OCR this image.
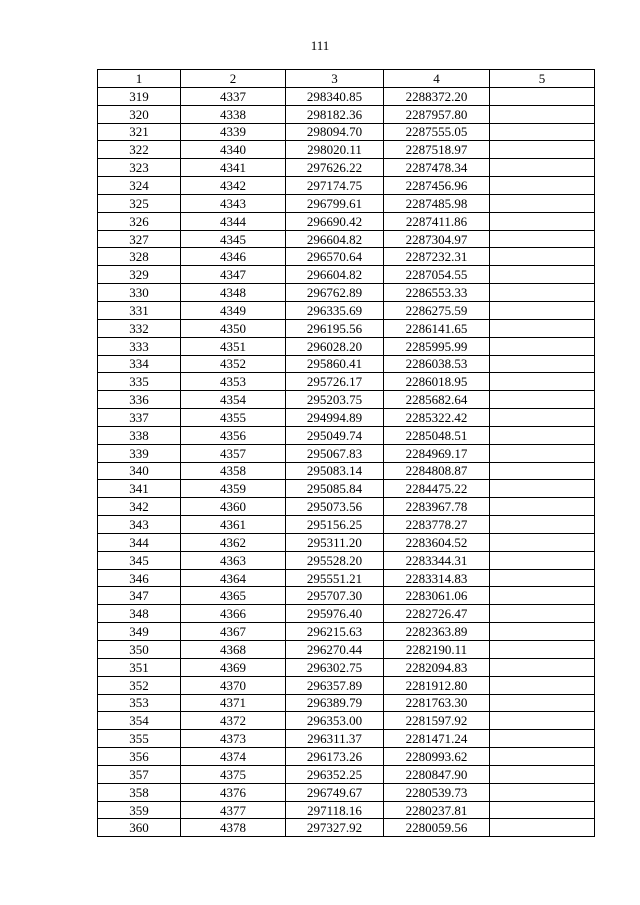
111
1	2	3	4	5
319	4337	298340.85	2288372.20	
320	4338	298182.36	2287957.80	
321	4339	298094.70	2287555.05	
322	4340	298020.11	2287518.97	
323	4341	297626.22	2287478.34	
324	4342	297174.75	2287456.96	
325	4343	296799.61	2287485.98	
326	4344	296690.42	2287411.86	
327	4345	296604.82	2287304.97	
328	4346	296570.64	2287232.31	
329	4347	296604.82	2287054.55	
330	4348	296762.89	2286553.33	
331	4349	296335.69	2286275.59	
332	4350	296195.56	2286141.65	
333	4351	296028.20	2285995.99	
334	4352	295860.41	2286038.53	
335	4353	295726.17	2286018.95	
336	4354	295203.75	2285682.64	
337	4355	294994.89	2285322.42	
338	4356	295049.74	2285048.51	
339	4357	295067.83	2284969.17	
340	4358	295083.14	2284808.87	
341	4359	295085.84	2284475.22	
342	4360	295073.56	2283967.78	
343	4361	295156.25	2283778.27	
344	4362	295311.20	2283604.52	
345	4363	295528.20	2283344.31	
346	4364	295551.21	2283314.83	
347	4365	295707.30	2283061.06	
348	4366	295976.40	2282726.47	
349	4367	296215.63	2282363.89	
350	4368	296270.44	2282190.11	
351	4369	296302.75	2282094.83	
352	4370	296357.89	2281912.80	
353	4371	296389.79	2281763.30	
354	4372	296353.00	2281597.92	
355	4373	296311.37	2281471.24	
356	4374	296173.26	2280993.62	
357	4375	296352.25	2280847.90	
358	4376	296749.67	2280539.73	
359	4377	297118.16	2280237.81	
360	4378	297327.92	2280059.56	
